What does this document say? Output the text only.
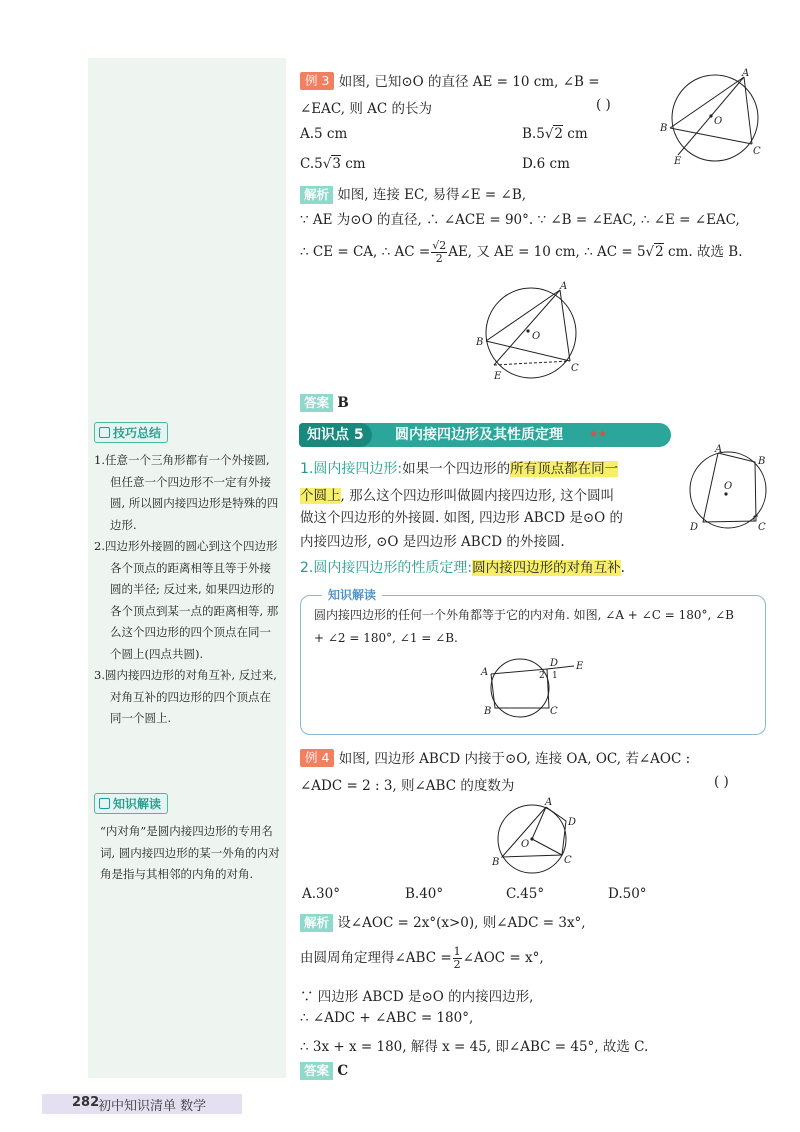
技巧总结
1.任意一个三角形都有一个外接圆, 但任意一个四边形不一定有外接圆, 所以圆内接四边形是特殊的四边形.
2.四边形外接圆的圆心到这个四边形各个顶点的距离相等且等于外接圆的半径; 反过来, 如果四边形的各个顶点到某一点的距离相等, 那么这个四边形的四个顶点在同一个圆上(四点共圆).
3.圆内接四边形的对角互补, 反过来, 对角互补的四边形的四个顶点在同一个圆上.
知识解读
“内对角”是圆内接四边形的专用名词, 圆内接四边形的某一外角的内对角是指与其相邻的内角的对角.
例 3 如图, 已知⊙O 的直径 AE = 10 cm, ∠B =
∠EAC, 则 AC 的长为	( )
A.5 cm	B.5√2 cm
C.5√3 cm	D.6 cm
A
B
C
E
O
解析 如图, 连接 EC, 易得∠E = ∠B,
∵ AE 为⊙O 的直径, ∴ ∠ACE = 90°. ∵ ∠B = ∠EAC, ∴ ∠E = ∠EAC,
∴ CE = CA, ∴ AC = $\frac{√2}{2}$ AE, 又 AE = 10 cm, ∴ AC = 5√2 cm. 故选 B.
A
B
C
E
O
答案 B
知识点 5	圆内接四边形及其性质定理	★★
1.圆内接四边形:如果一个四边形的所有顶点都在同一
个圆上, 那么这个四边形叫做圆内接四边形, 这个圆叫
做这个四边形的外接圆. 如图, 四边形 ABCD 是⊙O 的
内接四边形, ⊙O 是四边形 ABCD 的外接圆.
2.圆内接四边形的性质定理:圆内接四边形的对角互补.
A
B
C
D
O
知识解读
圆内接四边形的任何一个外角都等于它的内对角. 如图, ∠A + ∠C = 180°, ∠B
+ ∠2 = 180°, ∠1 = ∠B.
A
B	C
D E
1
2
例 4 如图, 四边形 ABCD 内接于⊙O, 连接 OA, OC, 若∠AOC :
∠ADC = 2 : 3, 则∠ABC 的度数为	( )
A
B	C
D
O
A.30°	B.40°	C.45°	D.50°
解析 设∠AOC = 2x°(x>0), 则∠ADC = 3x°,
由圆周角定理得∠ABC = $\frac{1}{2}$ ∠AOC = x°,
∵ 四边形 ABCD 是⊙O 的内接四边形,
∴ ∠ADC + ∠ABC = 180°,
∴ 3x + x = 180, 解得 x = 45, 即∠ABC = 45°, 故选 C.
答案 C
282
初中知识清单 数学
